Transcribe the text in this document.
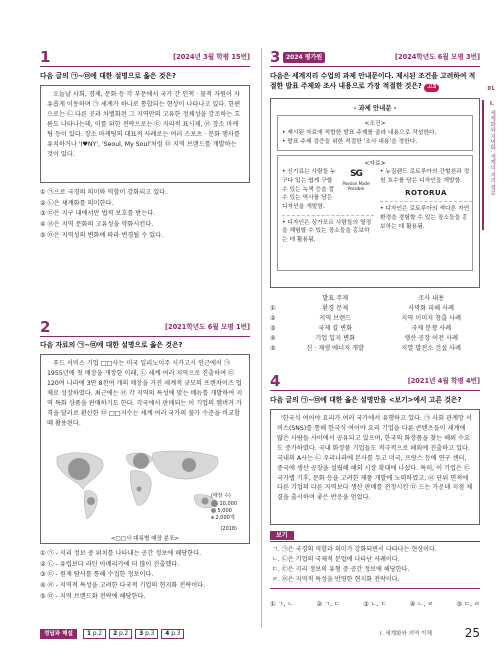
1	[2024년 3월 학평 15번]
다음 글의 ㉠~㉤에 대한 설명으로 옳은 것은?
오늘날 사회, 경제, 문화 등 각 부문에서 국가 간 인적 · 물적 자원이 자유롭게 이동하며 ㉠ 세계가 하나로 통합되는 현상이 나타나고 있다. 한편으로는 ㉡ 다른 곳과 차별화된 그 지역만의 고유한 정체성을 강조하는 흐름도 나타나는데, 이를 위한 전략으로는 ㉢ 지리적 표시제, ㉣ 장소 마케팅 등이 있다. 장소 마케팅의 대표적 사례로는 여러 스포츠 · 문화 행사를 유치하거나 'I♥NY', 'Seoul, My Soul'처럼 ㉤ 지역 브랜드를 개발하는 것이 있다.
① ㉠으로 국경의 의미와 역할이 강화되고 있다.
② ㉡은 세계화를 의미한다.
③ ㉢은 지구 내에서만 법적 보호를 받는다.
④ ㉣은 지역 문화의 고유성을 약화시킨다.
⑤ ㉤은 지역성의 변화에 따라 변경될 수 있다.
2	[2021학년도 6월 모평 1번]
다음 자료의 ㉠~㉤에 대한 설명으로 옳은 것은?
푸드 서비스 기업 □□사는 미국 일리노이주 시카고시 인근에서 ㉠ 1955년에 첫 매장을 개장한 이래, ㉡ 세계 여러 지역으로 진출하여 ㉢ 120여 나라에 3만 8천여 개의 매장을 가진 세계적 규모의 프랜차이즈 업체로 성장하였다. 최근에는 ㉣ 각 지역의 특성에 맞는 메뉴를 개발하여 지역 특화 상품을 판매하기도 한다. 각국에서 판매되는 이 기업의 햄버거 가격을 달러로 환산한 ㉤ □□지수는 세계 여러 국가의 물가 수준을 비교할 때 활용된다.
(매장 수)
10,000
5,000
2,000개
(2018)
<□□사 대륙별 매장 분포>
① ㉠ - 지리 정보 중 위치를 나타내는 공간 정보에 해당한다.
② ㉡ - 유럽보다 라틴 아메리카에 더 많이 진출했다.
③ ㉢ - 원재 탐사를 통해 수집한 정보이다.
④ ㉣ - 지역적 특성을 고려한 다국적 기업의 현지화 전략이다.
⑤ ㉤ - 지역 브랜드화 전략에 해당한다.
3 2024 평가원	[2024학년도 6월 모평 3번]
다음은 세계지리 수업의 과제 안내문이다. 제시된 조건을 고려하여 적절한 발표 주제와 조사 내용으로 가장 적절한 것은? 고3
- 과제 안내문 -
<조건>
• 제시된 자료에 적합한 발표 주제를 골라 내용으로 작성한다.
• 발표 주제 검증을 위한 적절한 '조사 내용'을 정한다.
<자료>
• 신기료는 사람들 누구나 있는 쉽게 구할 수 있는 녹색 등을 깔 수 있는 역사를 담은 디자인을 개발함.
SG
Passion Made Possible
• 디자인은 싱가포르 사람들의 열정을 체험할 수 있는 장소들을 홍보하는 데 활용됨.
• 뉴질랜드 로토루아의 간헐천과 정원 호수를 담은 디자인을 개발함.
ROTORUA
• 디자인은 로토루아의 색다른 자연환경을 경험할 수 있는 장소들을 홍보하는 데 활용됨.
	발표 주제	조사 내용
①	환경 문제	사막화 피해 사례
②	지역 브랜드	지역 이미지 창출 사례
③	국제 결 변화	국제 분쟁 사례
④	기업 입지 변화	생산 공장 이전 사례
⑤	신 · 재생 에너지 개발	지열 발전소 건설 사례
4	[2021년 4월 학평 4번]
다음 글의 ㉠~㉤에 대한 옳은 설명만을 <보기>에서 고른 것은?
'한국식 여어야 요리가 여러 국가에서 유행하고 있다. ㉠ 사회 관계망 서비스(SNS)를 통해 한국식 여어야 요리 기업을 다룬 콘텐츠들이 세계에 많은 사람들 사이에서 공유되고 있으며, 한국의 화장품을 찾는 해외 수요도 증가하였다. 국내 화장품 기업들도 적극적으로 해외에 진출하고 있다. 국내의 A사는 ㉡ 우리나라에 본사를 두고 미국, 프랑스 등에 연구 센터, 중국에 생산 공장을 설립해 해외 시장 확대에 나섰다. 특히, 이 기업은 ㉢ 국가별 기후, 문화 등을 고려한 제품 개발에 노력하였고, ㉣ 단위 면적에 다른 기업의 다른 지역보다 생산 판매를 전정시킨 ㉤ 드는 가운데 지점 체결을 출시하며 좋은 반응을 얻었다.
보기
ㄱ. ㉠은 국경의 역할과 의미가 강화되면서 나타나는 현상이다.
ㄴ. ㉡은 기업의 국제적 분업에 나타난 사례이다.
ㄷ. ㉢은 지리 정보의 유형 중 공간 정보에 해당한다.
ㄹ. ㉣은 지역적 특성을 반영한 현지화 전략이다.
① ㄱ, ㄴ	② ㄱ, ㄷ	③ ㄴ, ㄷ	④ ㄴ, ㄹ	⑤ ㄷ, ㄹ
01
Ⅰ.
세계화와 지역화, 세계의 지리 정보
정답과 해설	1 p.2	2 p.2	3 p.3	4 p.3	Ⅰ. 세계화와 지역 이해	25
